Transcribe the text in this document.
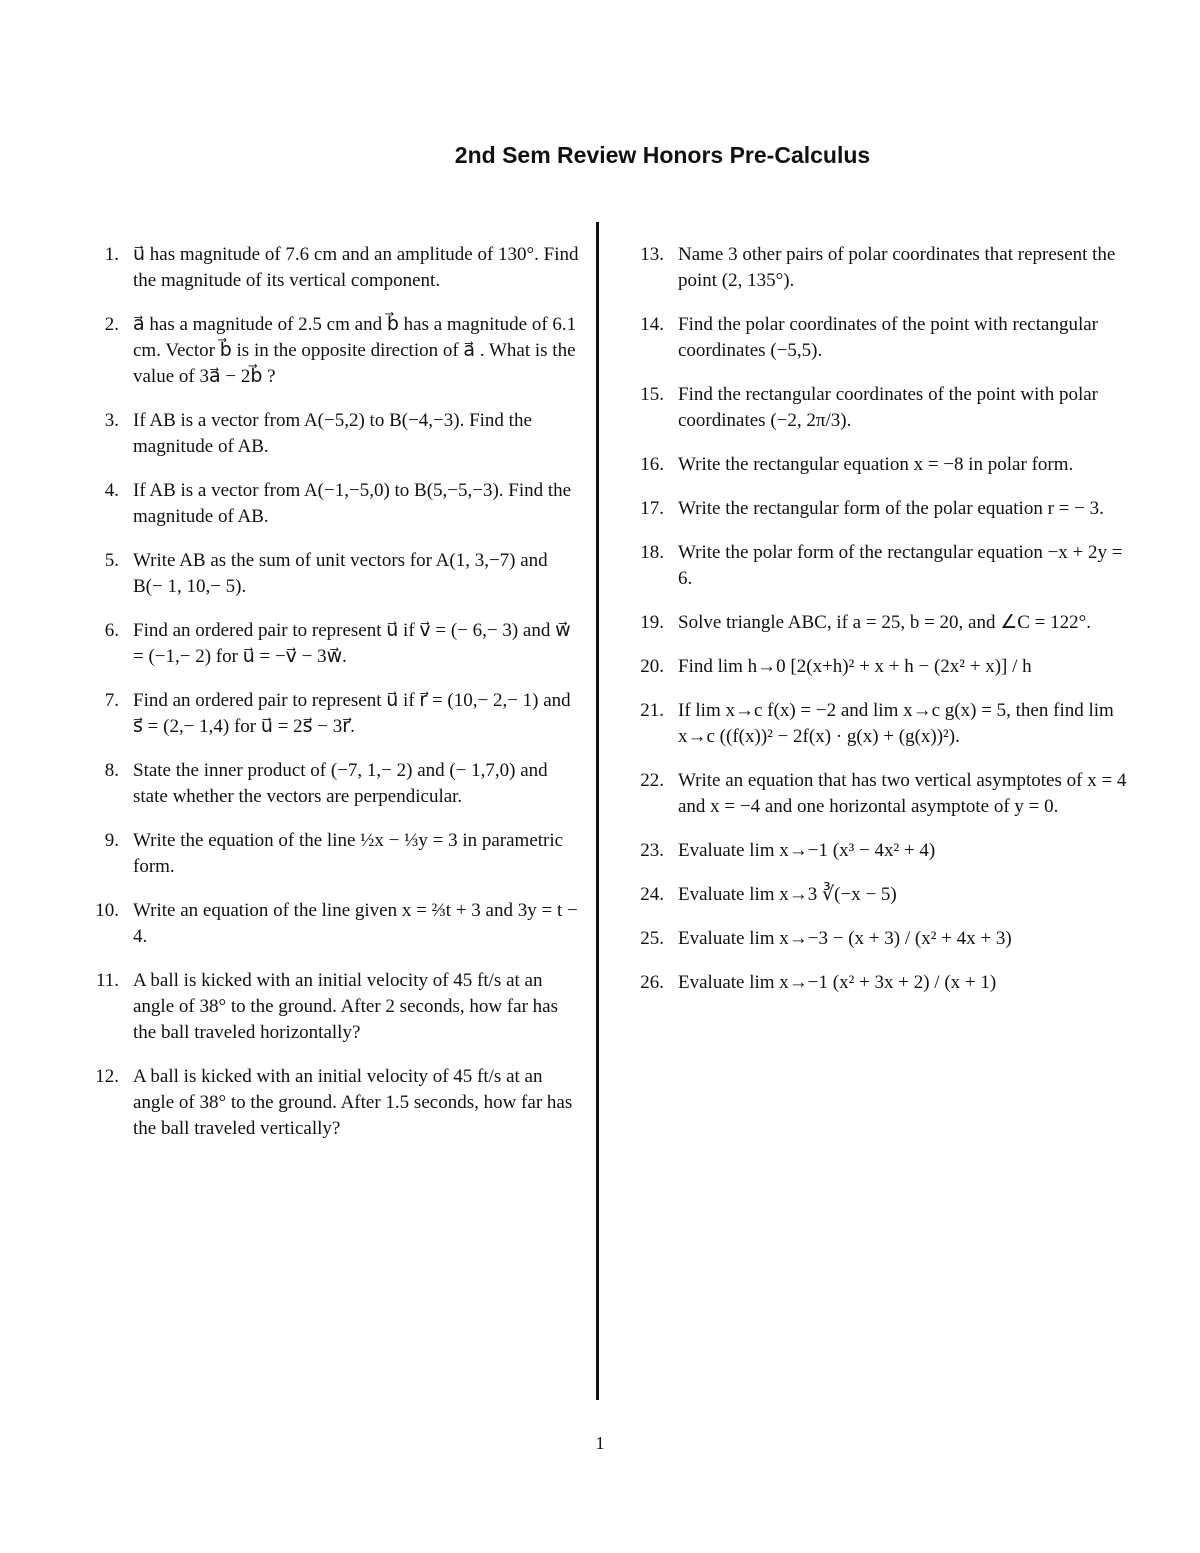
2nd Sem Review Honors Pre-Calculus
1. u⃗ has magnitude of 7.6 cm and an amplitude of 130°. Find the magnitude of its vertical component.
2. a⃗ has a magnitude of 2.5 cm and b⃗ has a magnitude of 6.1 cm. Vector b⃗ is in the opposite direction of a⃗ . What is the value of 3a⃗ − 2b⃗ ?
3. If AB is a vector from A(−5,2) to B(−4,−3). Find the magnitude of AB.
4. If AB is a vector from A(−1,−5,0) to B(5,−5,−3). Find the magnitude of AB.
5. Write AB as the sum of unit vectors for A(1, 3,−7) and B(− 1, 10,− 5).
6. Find an ordered pair to represent u⃗ if v⃗ = (− 6,− 3) and w⃗ = (−1,− 2) for u⃗ = −v⃗ − 3w⃗.
7. Find an ordered pair to represent u⃗ if r⃗ = (10,− 2,− 1) and s⃗ = (2,− 1,4) for u⃗ = 2s⃗ − 3r⃗.
8. State the inner product of (−7, 1,− 2) and (− 1,7,0) and state whether the vectors are perpendicular.
9. Write the equation of the line ½x − ⅓y = 3 in parametric form.
10. Write an equation of the line given x = ⅔t + 3 and 3y = t − 4.
11. A ball is kicked with an initial velocity of 45 ft/s at an angle of 38° to the ground. After 2 seconds, how far has the ball traveled horizontally?
12. A ball is kicked with an initial velocity of 45 ft/s at an angle of 38° to the ground. After 1.5 seconds, how far has the ball traveled vertically?
13. Name 3 other pairs of polar coordinates that represent the point (2, 135°).
14. Find the polar coordinates of the point with rectangular coordinates (−5,5).
15. Find the rectangular coordinates of the point with polar coordinates (−2, 2π/3).
16. Write the rectangular equation x = −8 in polar form.
17. Write the rectangular form of the polar equation r = − 3.
18. Write the polar form of the rectangular equation −x + 2y = 6.
19. Solve triangle ABC, if a = 25, b = 20, and ∠C = 122°.
20. Find lim h→0 [2(x+h)² + x + h − (2x² + x)] / h
21. If lim x→c f(x) = −2 and lim x→c g(x) = 5, then find lim x→c ((f(x))² − 2f(x) · g(x) + (g(x))²).
22. Write an equation that has two vertical asymptotes of x = 4 and x = −4 and one horizontal asymptote of y = 0.
23. Evaluate lim x→−1 (x³ − 4x² + 4)
24. Evaluate lim x→3 ∛(−x − 5)
25. Evaluate lim x→−3 − (x + 3) / (x² + 4x + 3)
26. Evaluate lim x→−1 (x² + 3x + 2) / (x + 1)
1
